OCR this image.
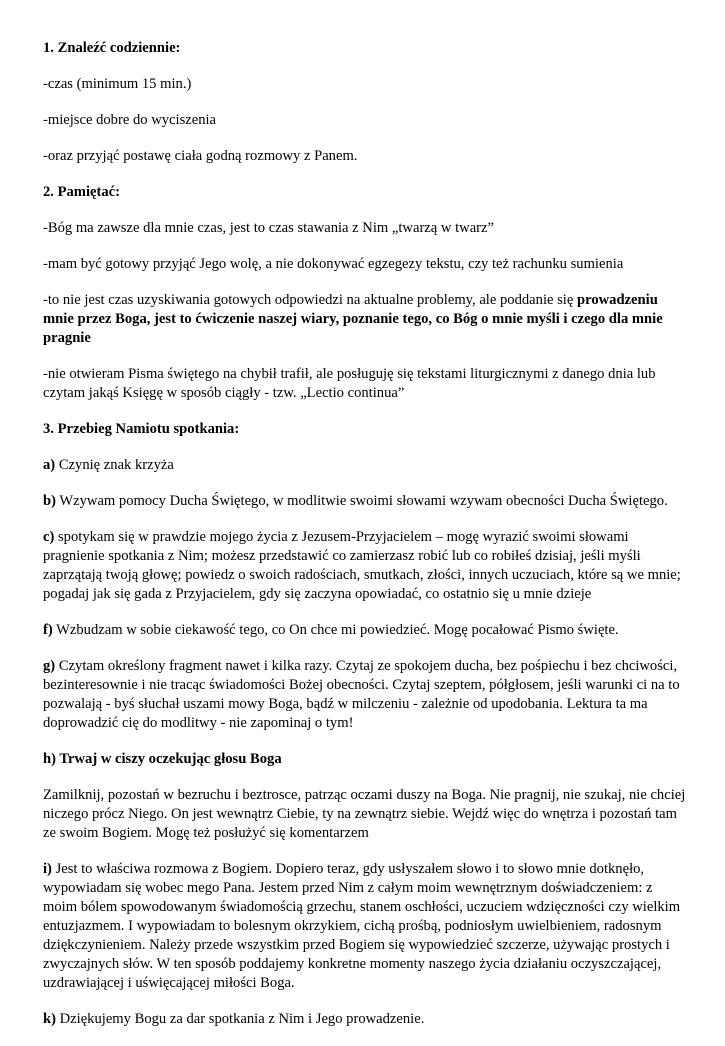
1. Znaleźć codziennie:

-czas (minimum 15 min.)

-miejsce dobre do wyciszenia

-oraz przyjąć postawę ciała godną rozmowy z Panem.

2. Pamiętać:

-Bóg ma zawsze dla mnie czas, jest to czas stawania z Nim „twarzą w twarz”

-mam być gotowy przyjąć Jego wolę, a nie dokonywać egzegezy tekstu, czy też rachunku sumienia

-to nie jest czas uzyskiwania gotowych odpowiedzi na aktualne problemy, ale poddanie się prowadzeniu mnie przez Boga, jest to ćwiczenie naszej wiary, poznanie tego, co Bóg o mnie myśli i czego dla mnie pragnie

-nie otwieram Pisma świętego na chybił trafił, ale posługuję się tekstami liturgicznymi z danego dnia lub czytam jakąś Księgę w sposób ciągły - tzw. „Lectio continua”

3. Przebieg Namiotu spotkania:

a) Czynię znak krzyża

b) Wzywam pomocy Ducha Świętego, w modlitwie swoimi słowami wzywam obecności Ducha Świętego.

c) spotykam się w prawdzie mojego życia z Jezusem-Przyjacielem – mogę wyrazić swoimi słowami pragnienie spotkania z Nim; możesz przedstawić co zamierzasz robić lub co robiłeś dzisiaj, jeśli myśli zaprzątają twoją głowę; powiedz o swoich radościach, smutkach, złości, innych uczuciach, które są we mnie; pogadaj jak się gada z Przyjacielem, gdy się zaczyna opowiadać, co ostatnio się u mnie dzieje

f) Wzbudzam w sobie ciekawość tego, co On chce mi powiedzieć. Mogę pocałować Pismo święte.

g) Czytam określony fragment nawet i kilka razy. Czytaj ze spokojem ducha, bez pośpiechu i bez chciwości, bezinteresownie i nie tracąc świadomości Bożej obecności. Czytaj szeptem, półgłosem, jeśli warunki ci na to pozwalają - byś słuchał uszami mowy Boga, bądź w milczeniu - zależnie od upodobania. Lektura ta ma doprowadzić cię do modlitwy - nie zapominaj o tym!

h) Trwaj w ciszy oczekując głosu Boga

Zamilknij, pozostań w bezruchu i beztrosce, patrząc oczami duszy na Boga. Nie pragnij, nie szukaj, nie chciej niczego prócz Niego. On jest wewnątrz Ciebie, ty na zewnątrz siebie. Wejdź więc do wnętrza i pozostań tam ze swoim Bogiem. Mogę też posłużyć się komentarzem

i) Jest to właściwa rozmowa z Bogiem. Dopiero teraz, gdy usłyszałem słowo i to słowo mnie dotknęło, wypowiadam się wobec mego Pana. Jestem przed Nim z całym moim wewnętrznym doświadczeniem: z moim bólem spowodowanym świadomością grzechu, stanem oschłości, uczuciem wdzięczności czy wielkim entuzjazmem. I wypowiadam to bolesnym okrzykiem, cichą prośbą, podniosłym uwielbieniem, radosnym dziękczynieniem. Należy przede wszystkim przed Bogiem się wypowiedzieć szczerze, używając prostych i zwyczajnych słów. W ten sposób poddajemy konkretne momenty naszego życia działaniu oczyszczającej, uzdrawiającej i uświęcającej miłości Boga.

k) Dziękujemy Bogu za dar spotkania z Nim i Jego prowadzenie.
